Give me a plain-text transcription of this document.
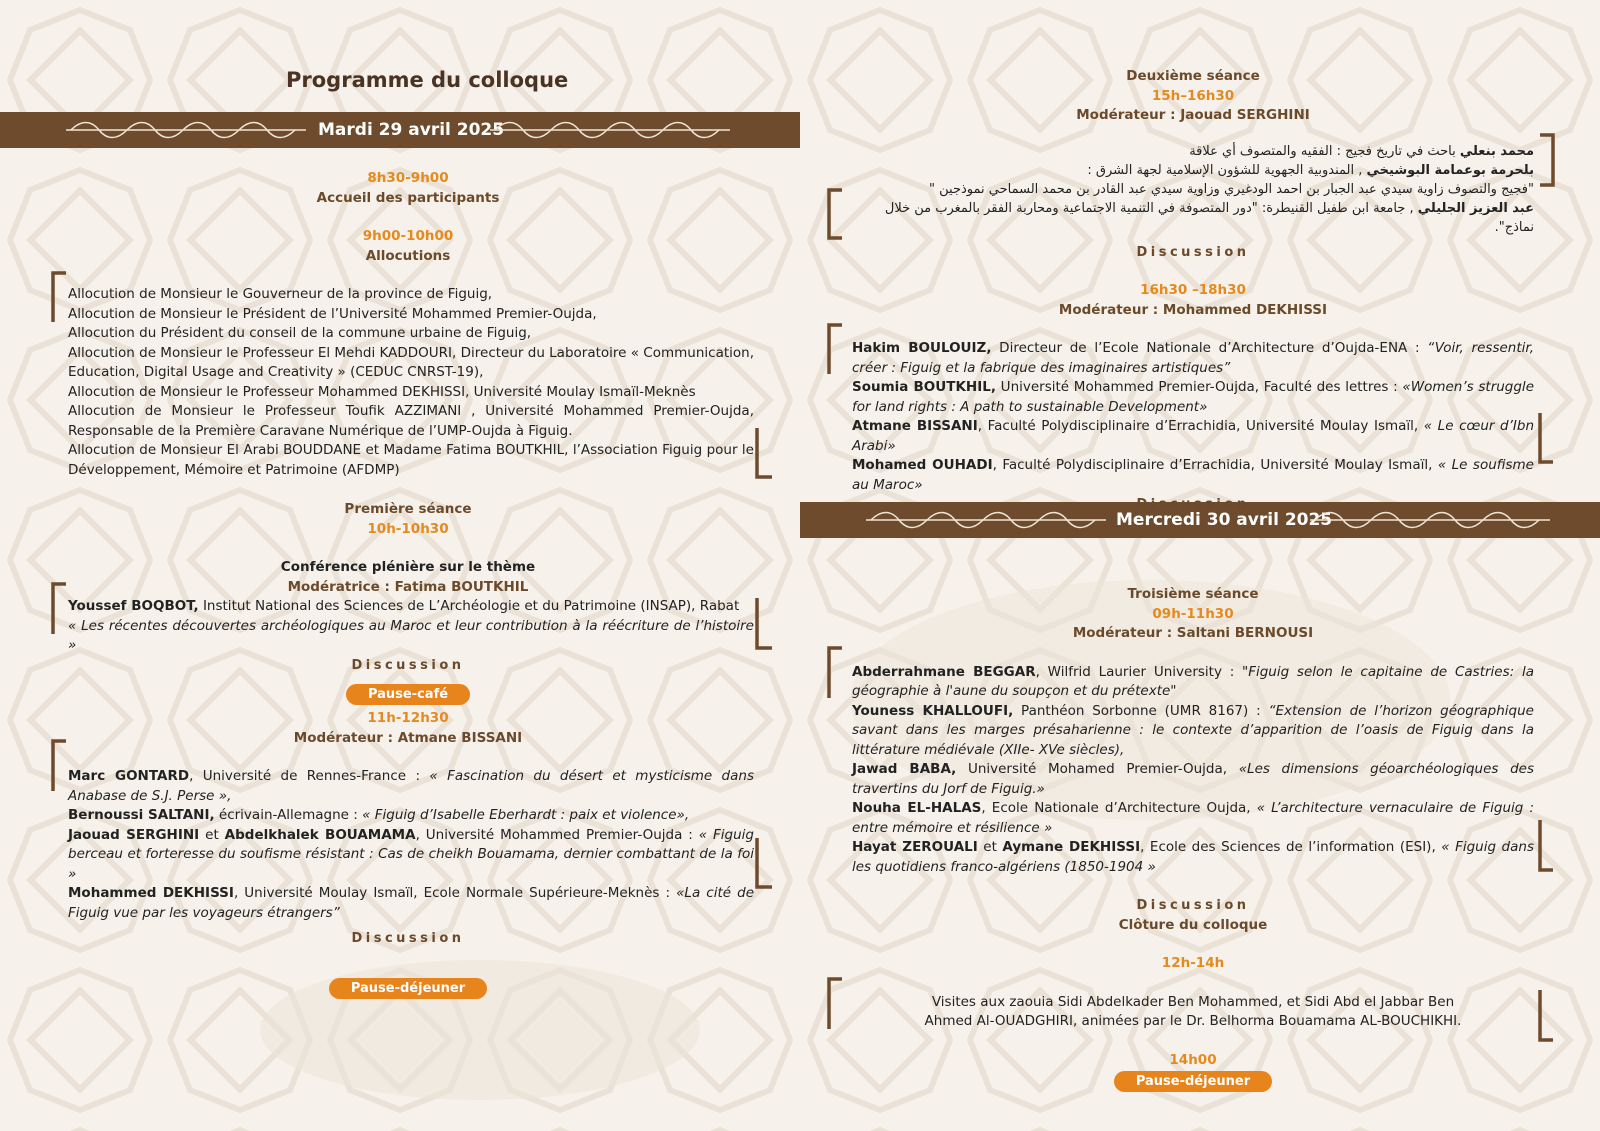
Programme du colloque
Mardi 29 avril 2025
Mercredi 30 avril 2025
8h30-9h00
Accueil des participants
9h00-10h00
Allocutions
Allocution de Monsieur le Gouverneur de la province de Figuig,
Allocution de Monsieur le Président de l’Université Mohammed Premier-Oujda,
Allocution du Président du conseil de la commune urbaine de Figuig,
Allocution de Monsieur le Professeur El Mehdi KADDOURI, Directeur du Laboratoire « Communication, Education, Digital Usage and Creativity » (CEDUC CNRST-19),
Allocution de Monsieur le Professeur Mohammed DEKHISSI, Université Moulay Ismaïl-Meknès
Allocution de Monsieur le Professeur Toufik AZZIMANI , Université Mohammed Premier-Oujda, Responsable de la Première Caravane Numérique de l’UMP-Oujda à Figuig.
Allocution de Monsieur El Arabi BOUDDANE et Madame Fatima BOUTKHIL, l’Association Figuig pour le Développement, Mémoire et Patrimoine (AFDMP)
Première séance
10h-10h30
Conférence plénière sur le thème
Modératrice : Fatima BOUTKHIL
Youssef BOQBOT, Institut National des Sciences de L’Archéologie et du Patrimoine (INSAP), Rabat
« Les récentes découvertes archéologiques au Maroc et leur contribution à la réécriture de l’histoire »
Discussion
Pause-café
11h-12h30
Modérateur : Atmane BISSANI
Marc GONTARD, Université de Rennes-France : « Fascination du désert et mysticisme dans Anabase de S.J. Perse »,
Bernoussi SALTANI, écrivain-Allemagne : « Figuig d’Isabelle Eberhardt : paix et violence»,
Jaouad SERGHINI et Abdelkhalek BOUAMAMA, Université Mohammed Premier-Oujda : « Figuig berceau et forteresse du soufisme résistant : Cas de cheikh Bouamama, dernier combattant de la foi »
Mohammed DEKHISSI, Université Moulay Ismaïl, Ecole Normale Supérieure-Meknès : «La cité de Figuig vue par les voyageurs étrangers”
Discussion
Pause-déjeuner
Deuxième séance
15h–16h30
Modérateur : Jaouad SERGHINI
محمد بنعلي باحث في تاريخ فجيج : الفقيه والمتصوف أي علاقة
بلحرمة بوعمامة البوشيخي , المندوبية الجهوية للشؤون الإسلامية لجهة الشرق :
"فجيج والتصوف زاوية سيدي عبد الجبار بن احمد الودغيري وزاوية سيدي عبد القادر بن محمد السماحي نموذجين "
عبد العزيز الجليلي , جامعة ابن طفيل القنيطرة: "دور المتصوفة في التنمية الاجتماعية ومحاربة الفقر بالمغرب من خلال نماذج".
Discussion
16h30 –18h30
Modérateur : Mohammed DEKHISSI
Hakim BOULOUIZ, Directeur de l’Ecole Nationale d’Architecture d’Oujda-ENA : “Voir, ressentir, créer : Figuig et la fabrique des imaginaires artistiques”
Soumia BOUTKHIL, Université Mohammed Premier-Oujda, Faculté des lettres : «Women’s struggle for land rights : A path to sustainable Development»
Atmane BISSANI, Faculté Polydisciplinaire d’Errachidia, Université Moulay Ismaïl, « Le cœur d’Ibn Arabi»
Mohamed OUHADI, Faculté Polydisciplinaire d’Errachidia, Université Moulay Ismaïl, « Le soufisme au Maroc»
Discussion
Troisième séance
09h-11h30
Modérateur : Saltani BERNOUSI
Abderrahmane BEGGAR, Wilfrid Laurier University : "Figuig selon le capitaine de Castries: la géographie à l'aune du soupçon et du prétexte"
Youness KHALLOUFI, Panthéon Sorbonne (UMR 8167) : “Extension de l’horizon géographique savant dans les marges présaharienne : le contexte d’apparition de l’oasis de Figuig dans la littérature médiévale (XIIe- XVe siècles),
Jawad BABA, Université Mohamed Premier-Oujda, «Les dimensions géoarchéologiques des travertins du Jorf de Figuig.»
Nouha EL-HALAS, Ecole Nationale d’Architecture Oujda, « L’architecture vernaculaire de Figuig : entre mémoire et résilience »
Hayat ZEROUALI et Aymane DEKHISSI, Ecole des Sciences de l’information (ESI), « Figuig dans les quotidiens franco-algériens (1850-1904 »
Discussion
Clôture du colloque
12h-14h
Visites aux zaouia Sidi Abdelkader Ben Mohammed, et Sidi Abd el Jabbar Ben Ahmed Al-OUADGHIRI, animées par le Dr. Belhorma Bouamama AL-BOUCHIKHI.
14h00
Pause-déjeuner
